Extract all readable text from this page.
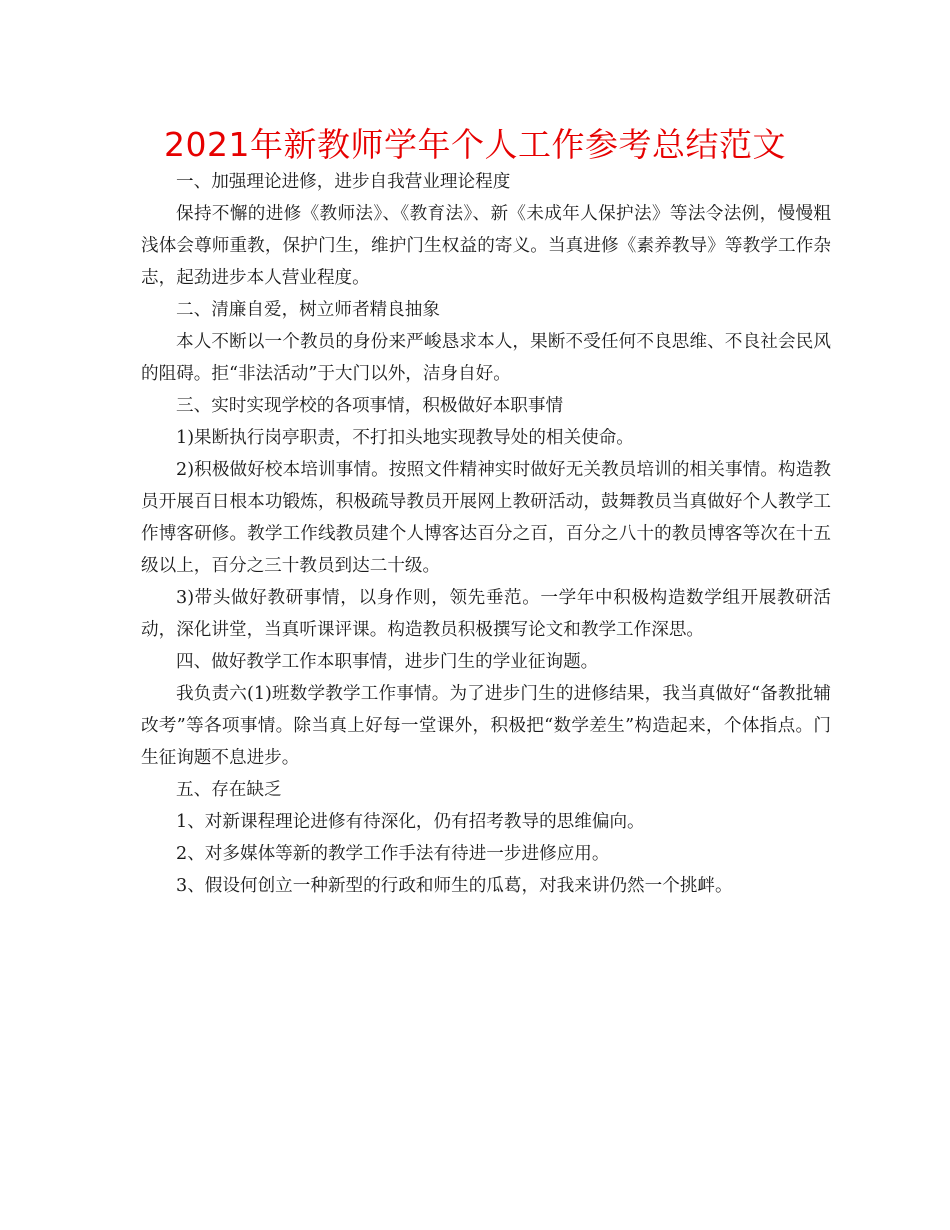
2021年新教师学年个人工作参考总结范文

一、加强理论进修，进步自我营业理论程度

保持不懈的进修《教师法》、《教育法》、新《未成年人保护法》等法令法例，慢慢粗浅体会尊师重教，保护门生，维护门生权益的寄义。当真进修《素养教导》等教学工作杂志，起劲进步本人营业程度。

二、清廉自爱，树立师者精良抽象

本人不断以一个教员的身份来严峻恳求本人，果断不受任何不良思维、不良社会民风的阻碍。拒“非法活动”于大门以外，洁身自好。

三、实时实现学校的各项事情，积极做好本职事情

1)果断执行岗亭职责，不打扣头地实现教导处的相关使命。

2)积极做好校本培训事情。按照文件精神实时做好无关教员培训的相关事情。构造教员开展百日根本功锻炼，积极疏导教员开展网上教研活动，鼓舞教员当真做好个人教学工作博客研修。教学工作线教员建个人博客达百分之百，百分之八十的教员博客等次在十五级以上，百分之三十教员到达二十级。

3)带头做好教研事情，以身作则，领先垂范。一学年中积极构造数学组开展教研活动，深化讲堂，当真听课评课。构造教员积极撰写论文和教学工作深思。

四、做好教学工作本职事情，进步门生的学业征询题。

我负责六(1)班数学教学工作事情。为了进步门生的进修结果，我当真做好“备教批辅改考”等各项事情。除当真上好每一堂课外，积极把“数学差生”构造起来，个体指点。门生征询题不息进步。

五、存在缺乏

1、对新课程理论进修有待深化，仍有招考教导的思维偏向。

2、对多媒体等新的教学工作手法有待进一步进修应用。

3、假设何创立一种新型的行政和师生的瓜葛，对我来讲仍然一个挑衅。
